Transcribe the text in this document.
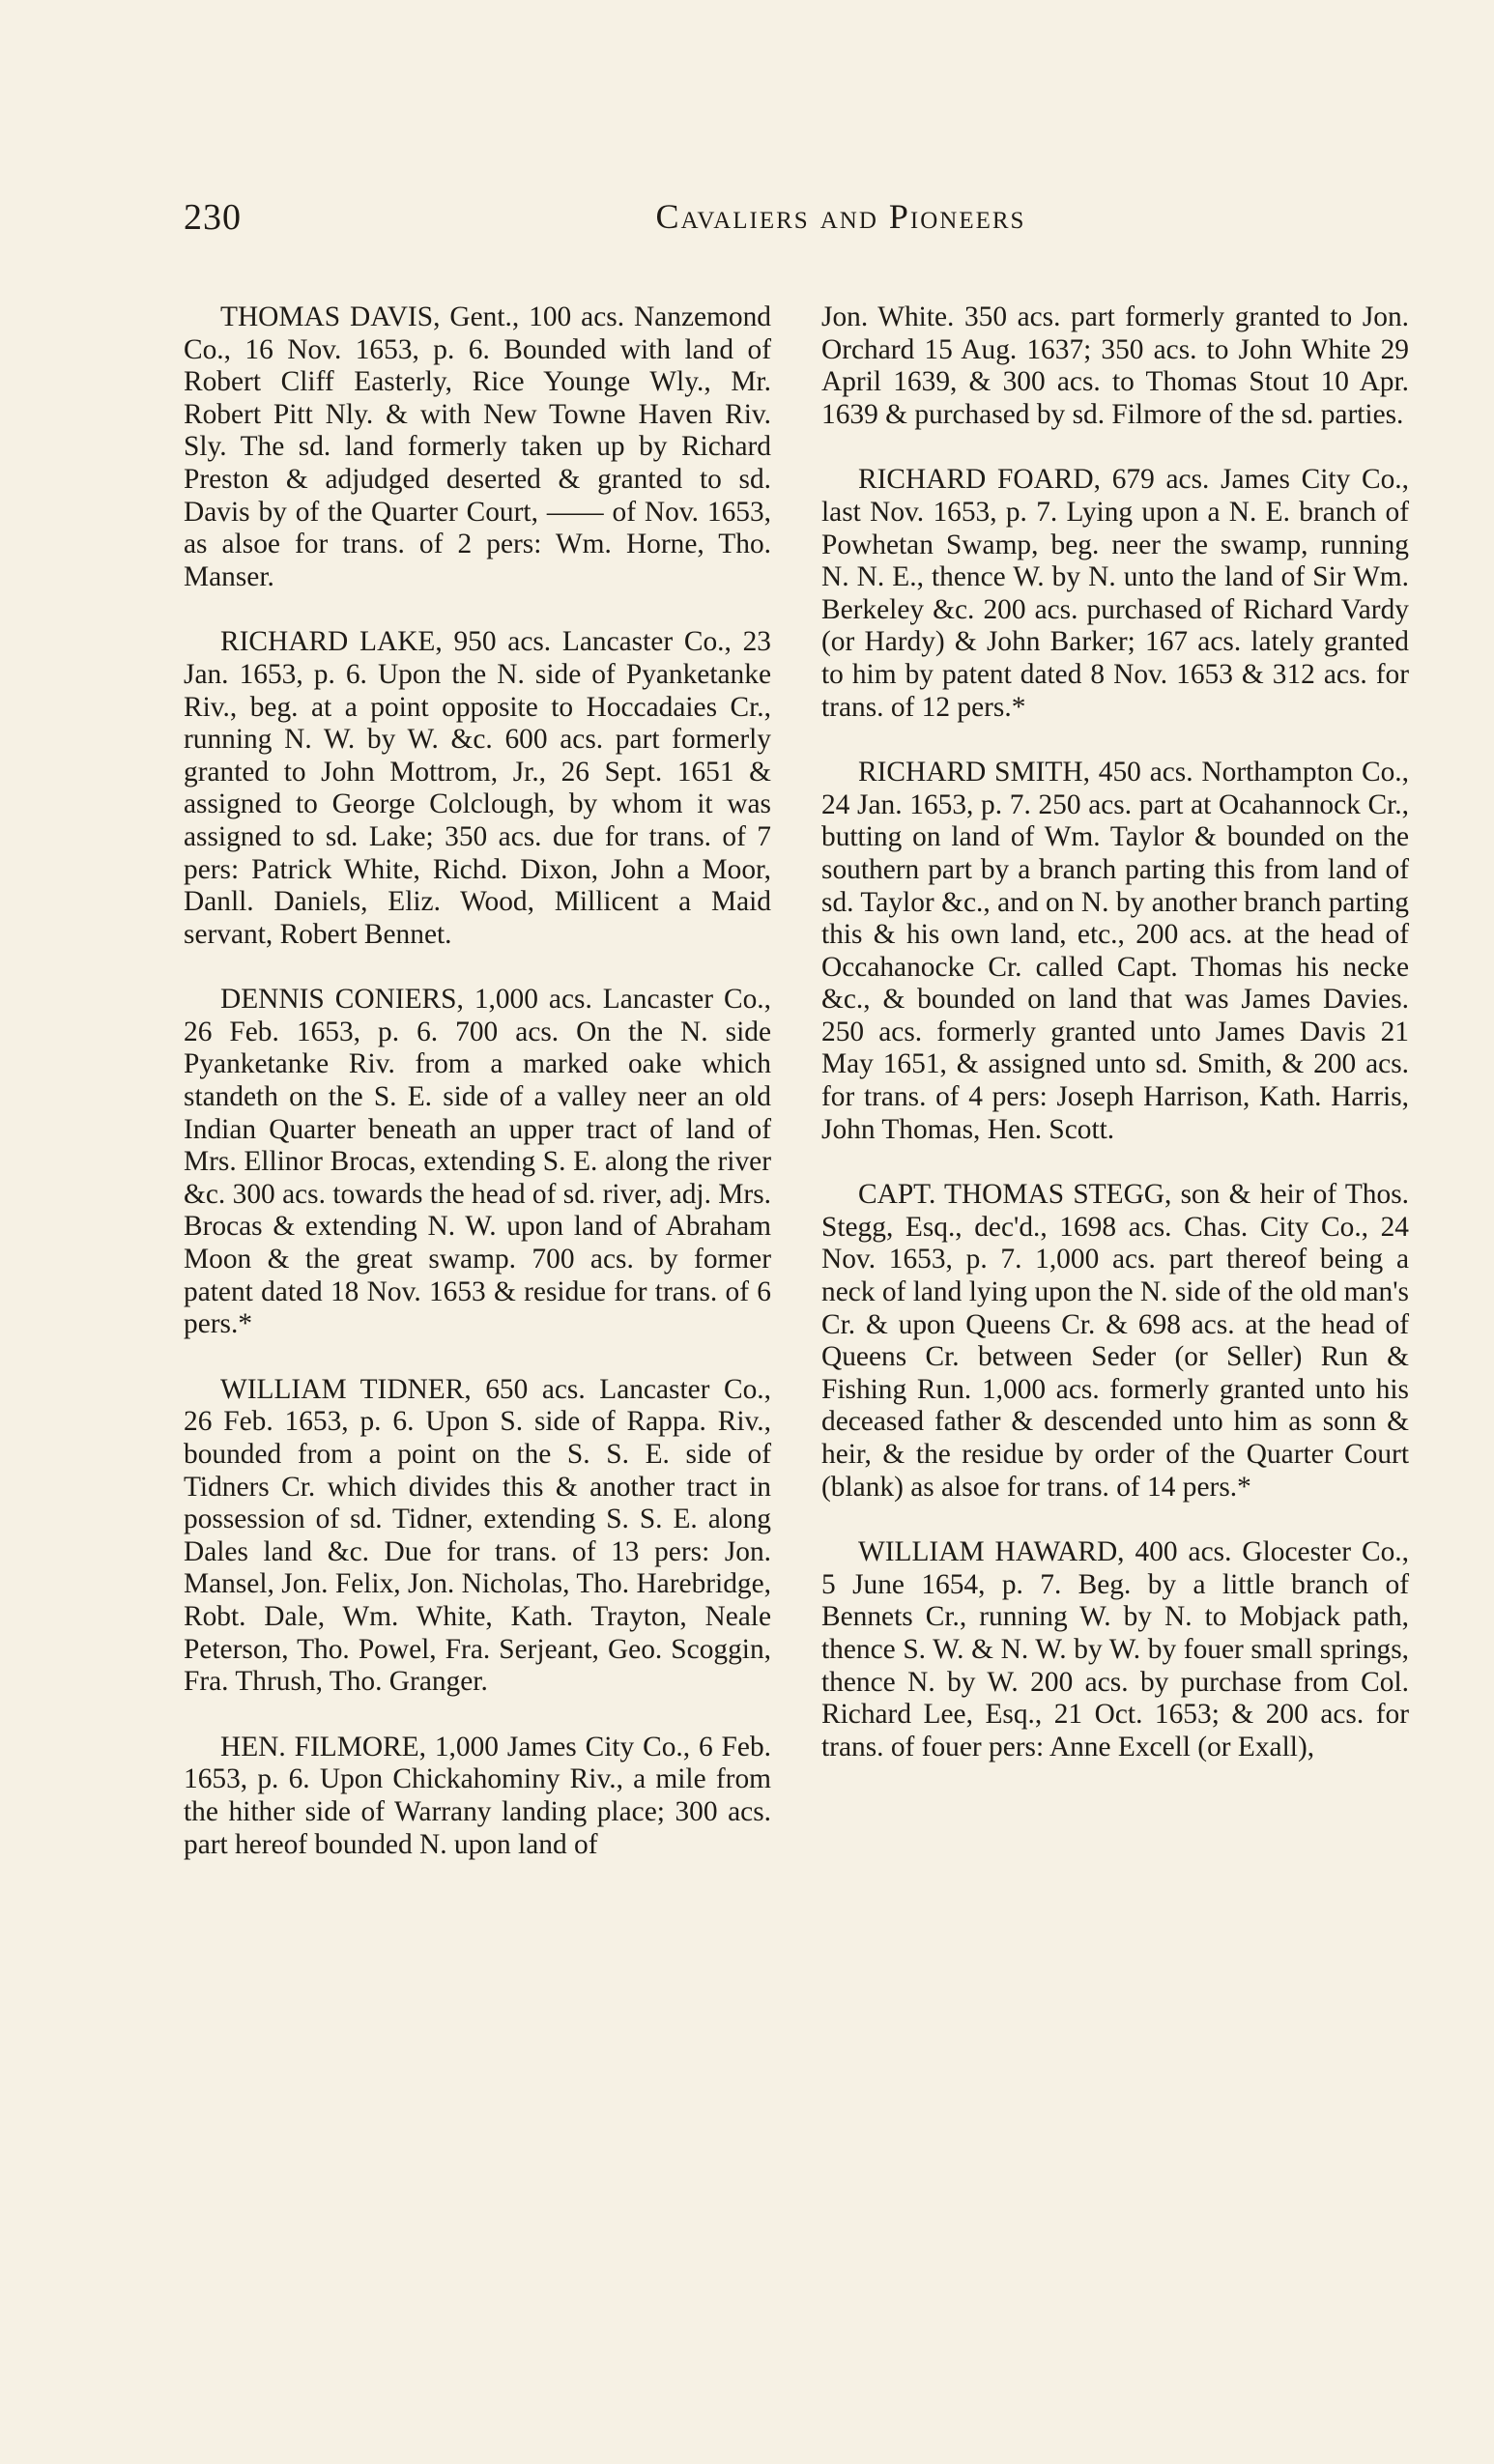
230	Cavaliers and Pioneers

THOMAS DAVIS, Gent., 100 acs. Nanzemond Co., 16 Nov. 1653, p. 6. Bounded with land of Robert Cliff Easterly, Rice Younge Wly., Mr. Robert Pitt Nly. & with New Towne Haven Riv. Sly. The sd. land formerly taken up by Richard Preston & adjudged deserted & granted to sd. Davis by of the Quarter Court, —— of Nov. 1653, as alsoe for trans. of 2 pers: Wm. Horne, Tho. Manser.

RICHARD LAKE, 950 acs. Lancaster Co., 23 Jan. 1653, p. 6. Upon the N. side of Pyanketanke Riv., beg. at a point opposite to Hoccadaies Cr., running N. W. by W. &c. 600 acs. part formerly granted to John Mottrom, Jr., 26 Sept. 1651 & assigned to George Colclough, by whom it was assigned to sd. Lake; 350 acs. due for trans. of 7 pers: Patrick White, Richd. Dixon, John a Moor, Danll. Daniels, Eliz. Wood, Millicent a Maid servant, Robert Bennet.

DENNIS CONIERS, 1,000 acs. Lancaster Co., 26 Feb. 1653, p. 6. 700 acs. On the N. side Pyanketanke Riv. from a marked oake which standeth on the S. E. side of a valley neer an old Indian Quarter beneath an upper tract of land of Mrs. Ellinor Brocas, extending S. E. along the river &c. 300 acs. towards the head of sd. river, adj. Mrs. Brocas & extending N. W. upon land of Abraham Moon & the great swamp. 700 acs. by former patent dated 18 Nov. 1653 & residue for trans. of 6 pers.*

WILLIAM TIDNER, 650 acs. Lancaster Co., 26 Feb. 1653, p. 6. Upon S. side of Rappa. Riv., bounded from a point on the S. S. E. side of Tidners Cr. which divides this & another tract in possession of sd. Tidner, extending S. S. E. along Dales land &c. Due for trans. of 13 pers: Jon. Mansel, Jon. Felix, Jon. Nicholas, Tho. Harebridge, Robt. Dale, Wm. White, Kath. Trayton, Neale Peterson, Tho. Powel, Fra. Serjeant, Geo. Scoggin, Fra. Thrush, Tho. Granger.

HEN. FILMORE, 1,000 James City Co., 6 Feb. 1653, p. 6. Upon Chickahominy Riv., a mile from the hither side of Warrany landing place; 300 acs. part hereof bounded N. upon land of

Jon. White. 350 acs. part formerly granted to Jon. Orchard 15 Aug. 1637; 350 acs. to John White 29 April 1639, & 300 acs. to Thomas Stout 10 Apr. 1639 & purchased by sd. Filmore of the sd. parties.

RICHARD FOARD, 679 acs. James City Co., last Nov. 1653, p. 7. Lying upon a N. E. branch of Powhetan Swamp, beg. neer the swamp, running N. N. E., thence W. by N. unto the land of Sir Wm. Berkeley &c. 200 acs. purchased of Richard Vardy (or Hardy) & John Barker; 167 acs. lately granted to him by patent dated 8 Nov. 1653 & 312 acs. for trans. of 12 pers.*

RICHARD SMITH, 450 acs. Northampton Co., 24 Jan. 1653, p. 7. 250 acs. part at Ocahannock Cr., butting on land of Wm. Taylor & bounded on the southern part by a branch parting this from land of sd. Taylor &c., and on N. by another branch parting this & his own land, etc., 200 acs. at the head of Occahanocke Cr. called Capt. Thomas his necke &c., & bounded on land that was James Davies. 250 acs. formerly granted unto James Davis 21 May 1651, & assigned unto sd. Smith, & 200 acs. for trans. of 4 pers: Joseph Harrison, Kath. Harris, John Thomas, Hen. Scott.

CAPT. THOMAS STEGG, son & heir of Thos. Stegg, Esq., dec'd., 1698 acs. Chas. City Co., 24 Nov. 1653, p. 7. 1,000 acs. part thereof being a neck of land lying upon the N. side of the old man's Cr. & upon Queens Cr. & 698 acs. at the head of Queens Cr. between Seder (or Seller) Run & Fishing Run. 1,000 acs. formerly granted unto his deceased father & descended unto him as sonn & heir, & the residue by order of the Quarter Court (blank) as alsoe for trans. of 14 pers.*

WILLIAM HAWARD, 400 acs. Glocester Co., 5 June 1654, p. 7. Beg. by a little branch of Bennets Cr., running W. by N. to Mobjack path, thence S. W. & N. W. by W. by fouer small springs, thence N. by W. 200 acs. by purchase from Col. Richard Lee, Esq., 21 Oct. 1653; & 200 acs. for trans. of fouer pers: Anne Excell (or Exall),
